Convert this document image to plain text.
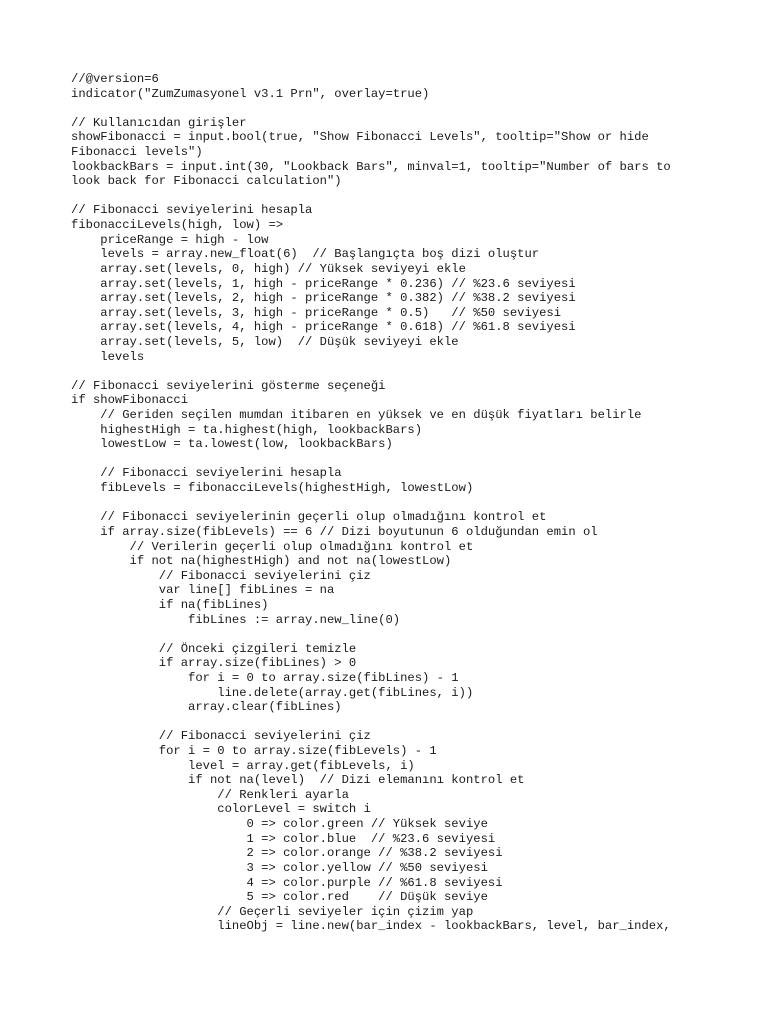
//@version=6
indicator("ZumZumasyonel v3.1 Prn", overlay=true)
// Kullanıcıdan girişler
showFibonacci = input.bool(true, "Show Fibonacci Levels", tooltip="Show or hide
Fibonacci levels")
lookbackBars = input.int(30, "Lookback Bars", minval=1, tooltip="Number of bars to
look back for Fibonacci calculation")
// Fibonacci seviyelerini hesapla
fibonacciLevels(high, low) =>
priceRange = high - low
levels = array.new_float(6)  // Başlangıçta boş dizi oluştur
array.set(levels, 0, high) // Yüksek seviyeyi ekle
array.set(levels, 1, high - priceRange * 0.236) // %23.6 seviyesi
array.set(levels, 2, high - priceRange * 0.382) // %38.2 seviyesi
array.set(levels, 3, high - priceRange * 0.5)   // %50 seviyesi
array.set(levels, 4, high - priceRange * 0.618) // %61.8 seviyesi
array.set(levels, 5, low)  // Düşük seviyeyi ekle
levels
// Fibonacci seviyelerini gösterme seçeneği
if showFibonacci
// Geriden seçilen mumdan itibaren en yüksek ve en düşük fiyatları belirle
highestHigh = ta.highest(high, lookbackBars)
lowestLow = ta.lowest(low, lookbackBars)
// Fibonacci seviyelerini hesapla
fibLevels = fibonacciLevels(highestHigh, lowestLow)
// Fibonacci seviyelerinin geçerli olup olmadığını kontrol et
if array.size(fibLevels) == 6 // Dizi boyutunun 6 olduğundan emin ol
// Verilerin geçerli olup olmadığını kontrol et
if not na(highestHigh) and not na(lowestLow)
// Fibonacci seviyelerini çiz
var line[] fibLines = na
if na(fibLines)
fibLines := array.new_line(0)
// Önceki çizgileri temizle
if array.size(fibLines) > 0
for i = 0 to array.size(fibLines) - 1
line.delete(array.get(fibLines, i))
array.clear(fibLines)
// Fibonacci seviyelerini çiz
for i = 0 to array.size(fibLevels) - 1
level = array.get(fibLevels, i)
if not na(level)  // Dizi elemanını kontrol et
// Renkleri ayarla
colorLevel = switch i
0 => color.green // Yüksek seviye
1 => color.blue  // %23.6 seviyesi
2 => color.orange // %38.2 seviyesi
3 => color.yellow // %50 seviyesi
4 => color.purple // %61.8 seviyesi
5 => color.red    // Düşük seviye
// Geçerli seviyeler için çizim yap
lineObj = line.new(bar_index - lookbackBars, level, bar_index,
